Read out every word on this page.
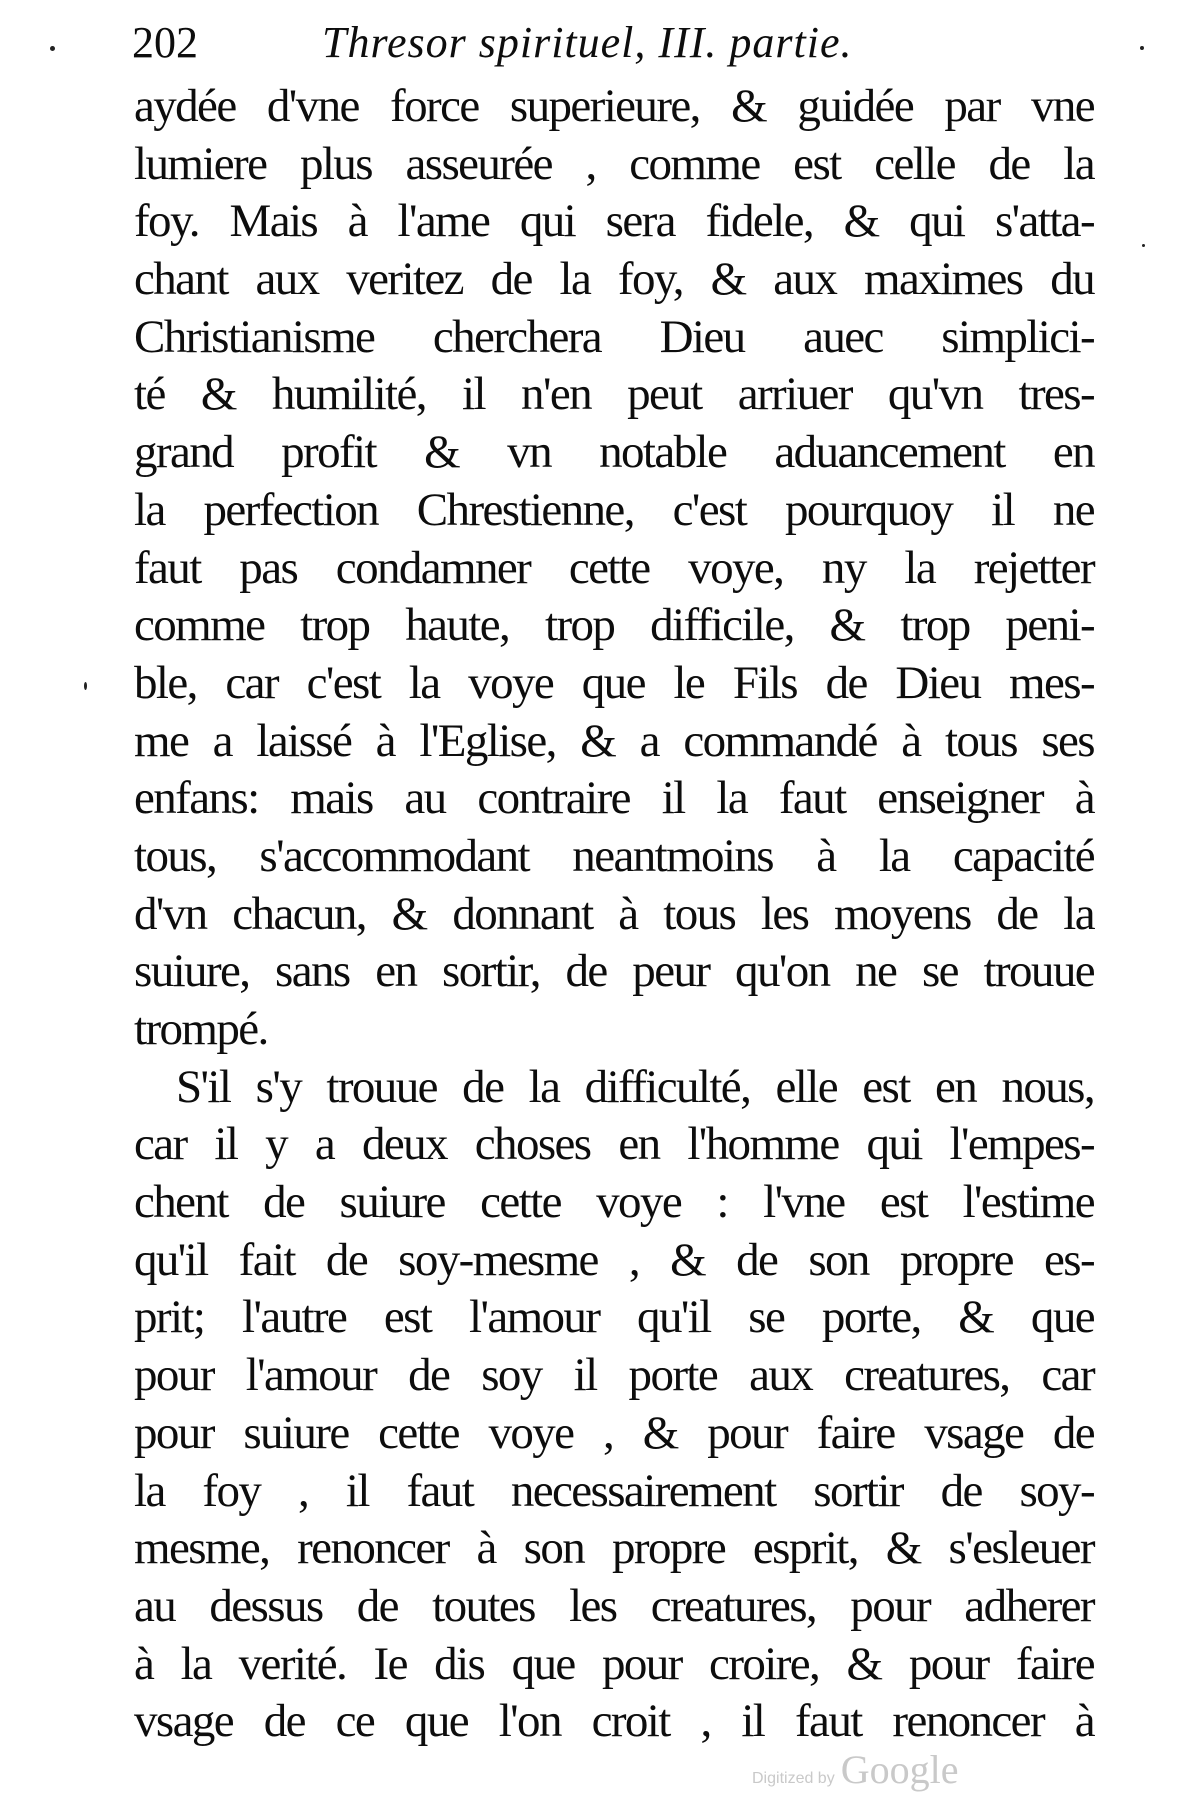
202	Thresor spirituel, III. partie.
aydée d'vne force superieure, & guidée par vne
lumiere plus asseurée , comme est celle de la
foy. Mais à l'ame qui sera fidele, & qui s'atta-
chant aux veritez de la foy, & aux maximes du
Christianisme cherchera Dieu auec simplici-
té & humilité, il n'en peut arriuer qu'vn tres-
grand profit & vn notable aduancement en
la perfection Chrestienne, c'est pourquoy il ne
faut pas condamner cette voye, ny la rejetter
comme trop haute, trop difficile, & trop peni-
ble, car c'est la voye que le Fils de Dieu mes-
me a laissé à l'Eglise, & a commandé à tous ses
enfans: mais au contraire il la faut enseigner à
tous, s'accommodant neantmoins à la capacité
d'vn chacun, & donnant à tous les moyens de la
suiure, sans en sortir, de peur qu'on ne se trouue
trompé.
S'il s'y trouue de la difficulté, elle est en nous,
car il y a deux choses en l'homme qui l'empes-
chent de suiure cette voye : l'vne est l'estime
qu'il fait de soy-mesme , & de son propre es-
prit; l'autre est l'amour qu'il se porte, & que
pour l'amour de soy il porte aux creatures, car
pour suiure cette voye , & pour faire vsage de
la foy , il faut necessairement sortir de soy-
mesme, renoncer à son propre esprit, & s'esleuer
au dessus de toutes les creatures, pour adherer
à la verité. Ie dis que pour croire, & pour faire
vsage de ce que l'on croit , il faut renoncer à
Digitized by Google
